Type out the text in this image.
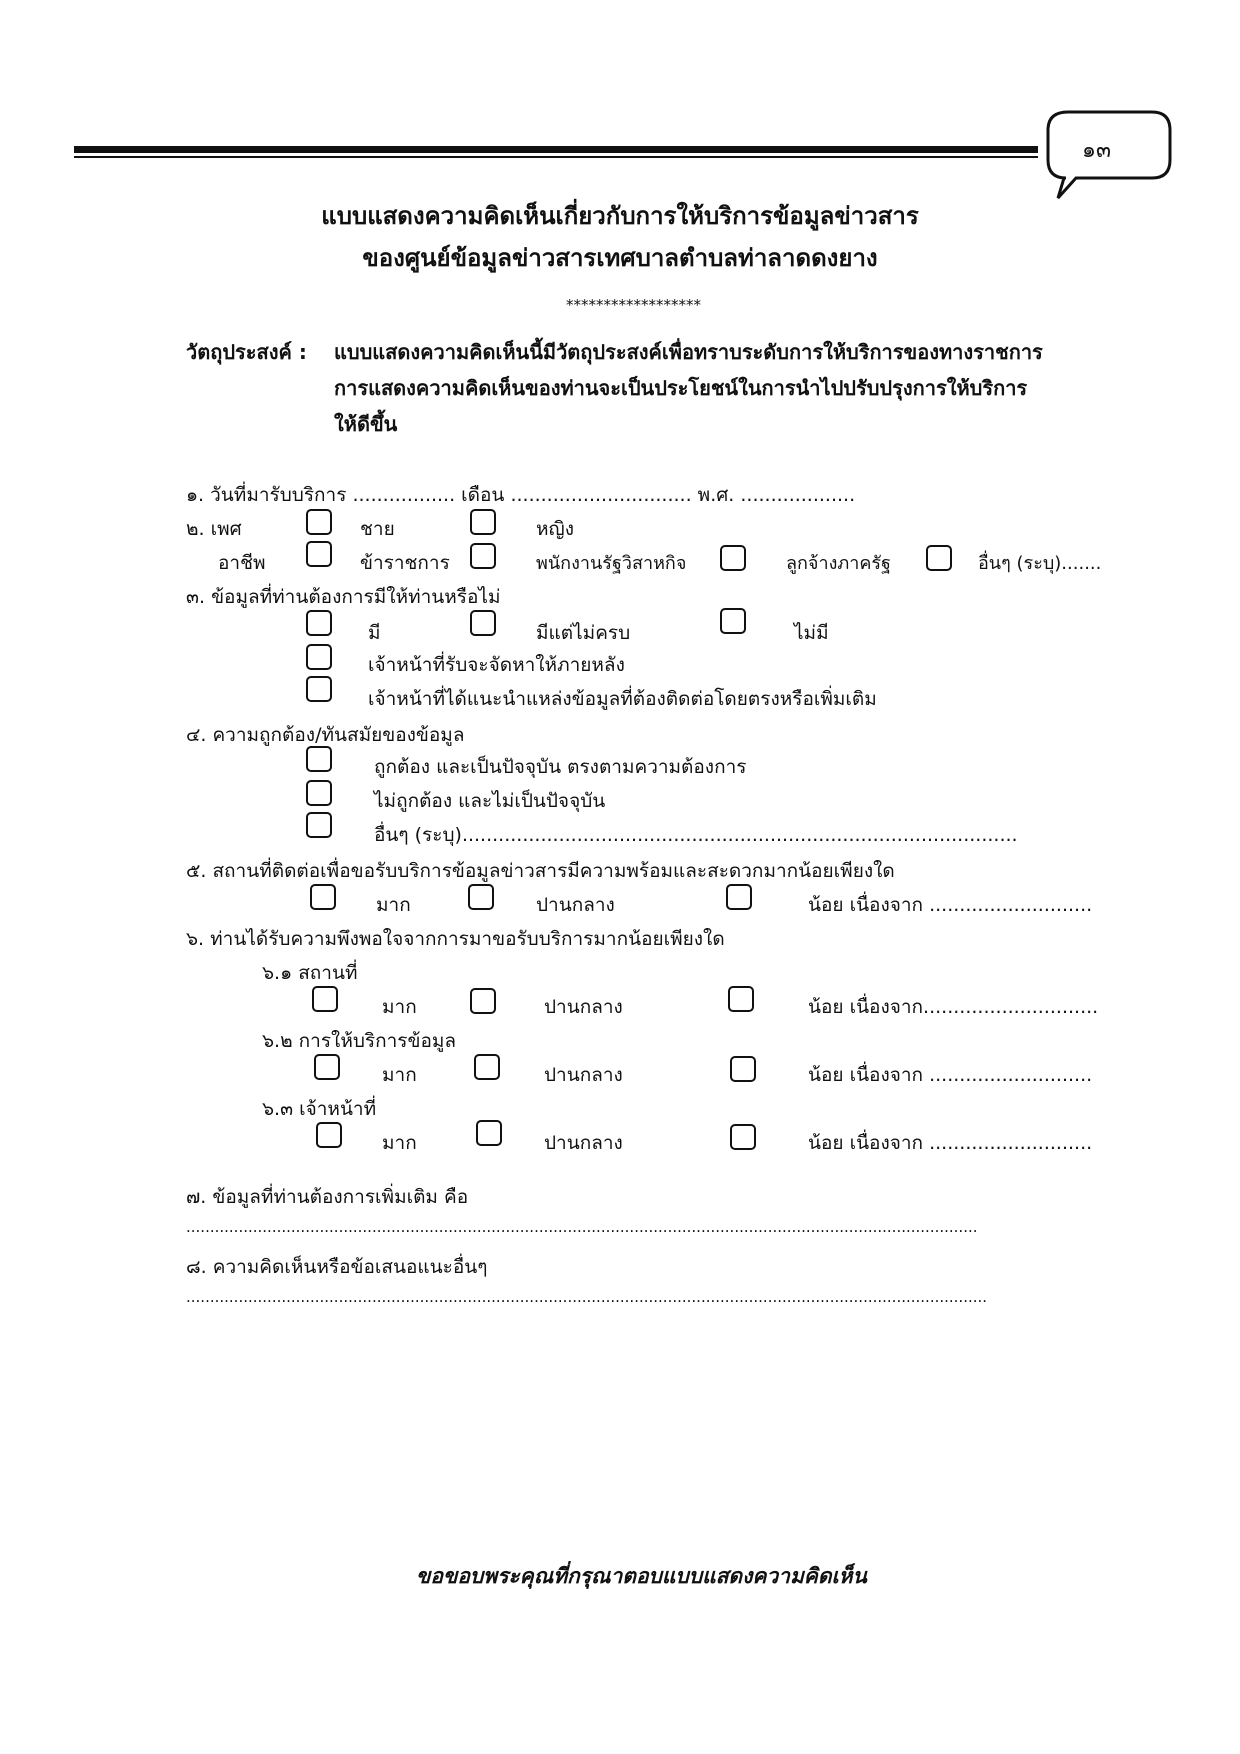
๑๓
แบบแสดงความคิดเห็นเกี่ยวกับการให้บริการข้อมูลข่าวสาร
ของศูนย์ข้อมูลข่าวสารเทศบาลตำบลท่าลาดดงยาง
******************
วัตถุประสงค์ : แบบแสดงความคิดเห็นนี้มีวัตถุประสงค์เพื่อทราบระดับการให้บริการของทางราชการ
การแสดงความคิดเห็นของท่านจะเป็นประโยชน์ในการนำไปปรับปรุงการให้บริการ
ให้ดีขึ้น
๑. วันที่มารับบริการ ................. เดือน .............................. พ.ศ. ...................
๒. เพศ	ชาย	หญิง
อาชีพ	ข้าราชการ	พนักงานรัฐวิสาหกิจ	ลูกจ้างภาครัฐ	อื่นๆ (ระบุ).......
๓. ข้อมูลที่ท่านต้องการมีให้ท่านหรือไม่
มี	มีแต่ไม่ครบ	ไม่มี
เจ้าหน้าที่รับจะจัดหาให้ภายหลัง
เจ้าหน้าที่ได้แนะนำแหล่งข้อมูลที่ต้องติดต่อโดยตรงหรือเพิ่มเติม
๔. ความถูกต้อง/ทันสมัยของข้อมูล
ถูกต้อง และเป็นปัจจุบัน ตรงตามความต้องการ
ไม่ถูกต้อง และไม่เป็นปัจจุบัน
อื่นๆ (ระบุ)............................................................................................
๕. สถานที่ติดต่อเพื่อขอรับบริการข้อมูลข่าวสารมีความพร้อมและสะดวกมากน้อยเพียงใด
มาก	ปานกลาง	น้อย เนื่องจาก ...........................
๖. ท่านได้รับความพึงพอใจจากการมาขอรับบริการมากน้อยเพียงใด
๖.๑ สถานที่
มาก	ปานกลาง	น้อย เนื่องจาก.............................
๖.๒ การให้บริการข้อมูล
มาก	ปานกลาง	น้อย เนื่องจาก ...........................
๖.๓ เจ้าหน้าที่
มาก	ปานกลาง	น้อย เนื่องจาก ...........................
๗. ข้อมูลที่ท่านต้องการเพิ่มเติม คือ
......................................................................................................................................................................
๘. ความคิดเห็นหรือข้อเสนอแนะอื่นๆ
........................................................................................................................................................................
ขอขอบพระคุณที่กรุณาตอบแบบแสดงความคิดเห็น
